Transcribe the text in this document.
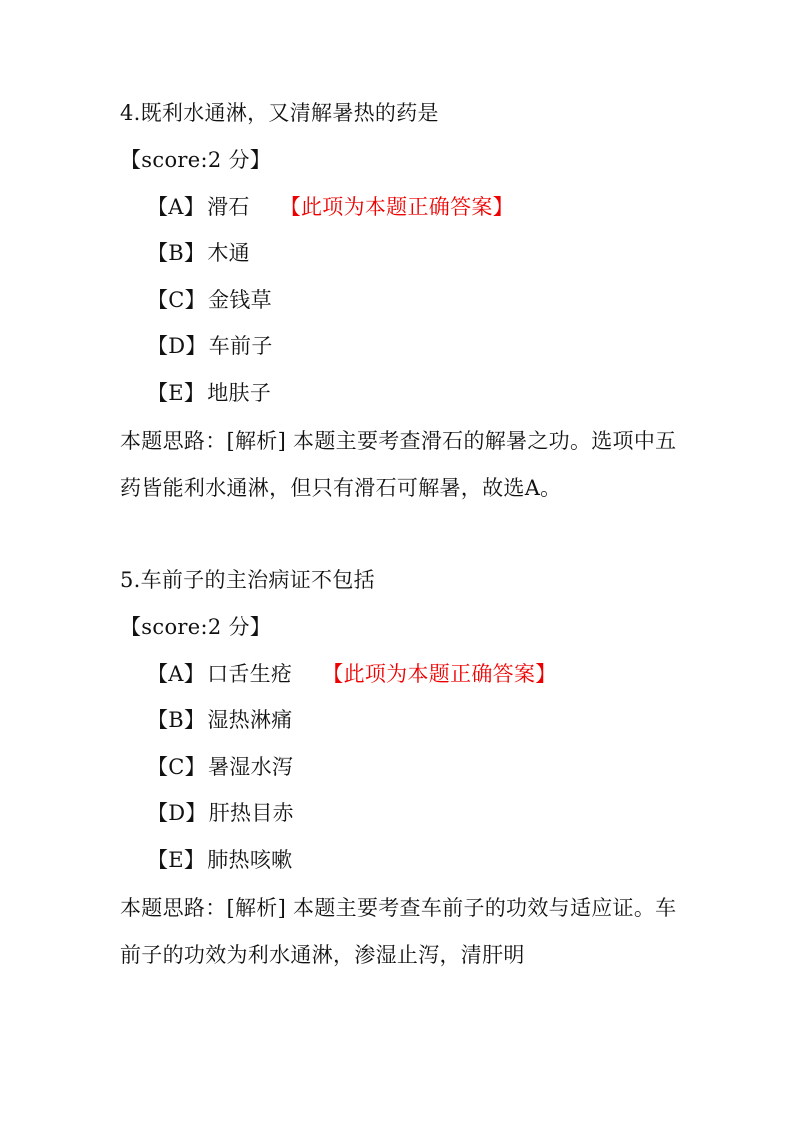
4.既利水通淋，又清解暑热的药是
【score:2 分】
【A】滑石 【此项为本题正确答案】
【B】木通
【C】金钱草
【D】车前子
【E】地肤子
本题思路：[解析] 本题主要考查滑石的解暑之功。选项中五药皆能利水通淋，但只有滑石可解暑，故选A。
5.车前子的主治病证不包括
【score:2 分】
【A】口舌生疮 【此项为本题正确答案】
【B】湿热淋痛
【C】暑湿水泻
【D】肝热目赤
【E】肺热咳嗽
本题思路：[解析] 本题主要考查车前子的功效与适应证。车前子的功效为利水通淋，渗湿止泻，清肝明
